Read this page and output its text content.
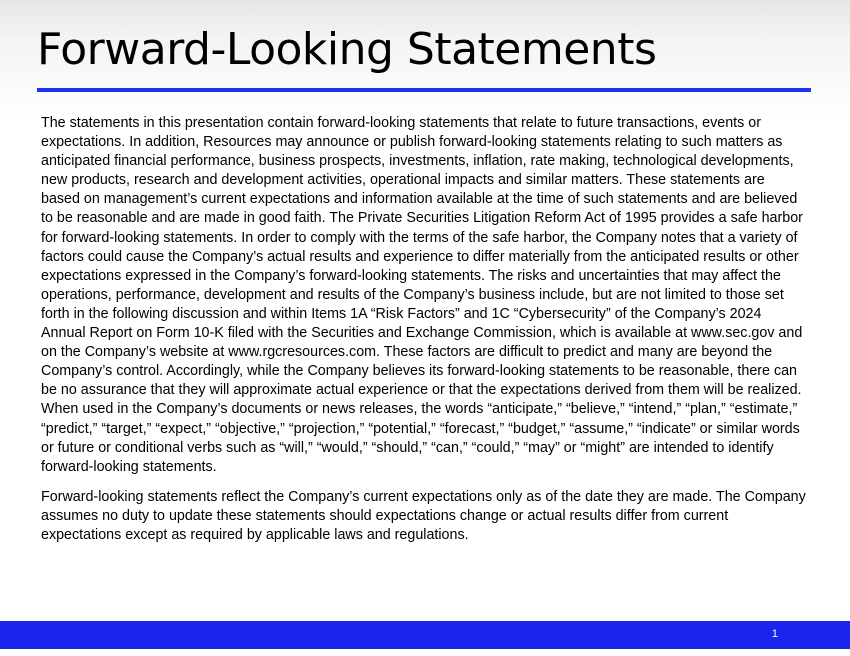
Forward-Looking Statements

The statements in this presentation contain forward-looking statements that relate to future transactions, events or expectations. In addition, Resources may announce or publish forward-looking statements relating to such matters as anticipated financial performance, business prospects, investments, inflation, rate making, technological developments, new products, research and development activities, operational impacts and similar matters. These statements are based on management’s current expectations and information available at the time of such statements and are believed to be reasonable and are made in good faith. The Private Securities Litigation Reform Act of 1995 provides a safe harbor for forward-looking statements. In order to comply with the terms of the safe harbor, the Company notes that a variety of factors could cause the Company’s actual results and experience to differ materially from the anticipated results or other expectations expressed in the Company’s forward-looking statements. The risks and uncertainties that may affect the operations, performance, development and results of the Company’s business include, but are not limited to those set forth in the following discussion and within Items 1A “Risk Factors” and 1C “Cybersecurity” of the Company’s 2024 Annual Report on Form 10-K filed with the Securities and Exchange Commission, which is available at www.sec.gov and on the Company’s website at www.rgcresources.com. These factors are difficult to predict and many are beyond the Company’s control. Accordingly, while the Company believes its forward-looking statements to be reasonable, there can be no assurance that they will approximate actual experience or that the expectations derived from them will be realized. When used in the Company’s documents or news releases, the words “anticipate,” “believe,” “intend,” “plan,” “estimate,” “predict,” “target,” “expect,” “objective,” “projection,” “potential,” “forecast,” “budget,” “assume,” “indicate” or similar words or future or conditional verbs such as “will,” “would,” “should,” “can,” “could,” “may” or “might” are intended to identify forward-looking statements.

Forward-looking statements reflect the Company’s current expectations only as of the date they are made. The Company assumes no duty to update these statements should expectations change or actual results differ from current expectations except as required by applicable laws and regulations.

1
